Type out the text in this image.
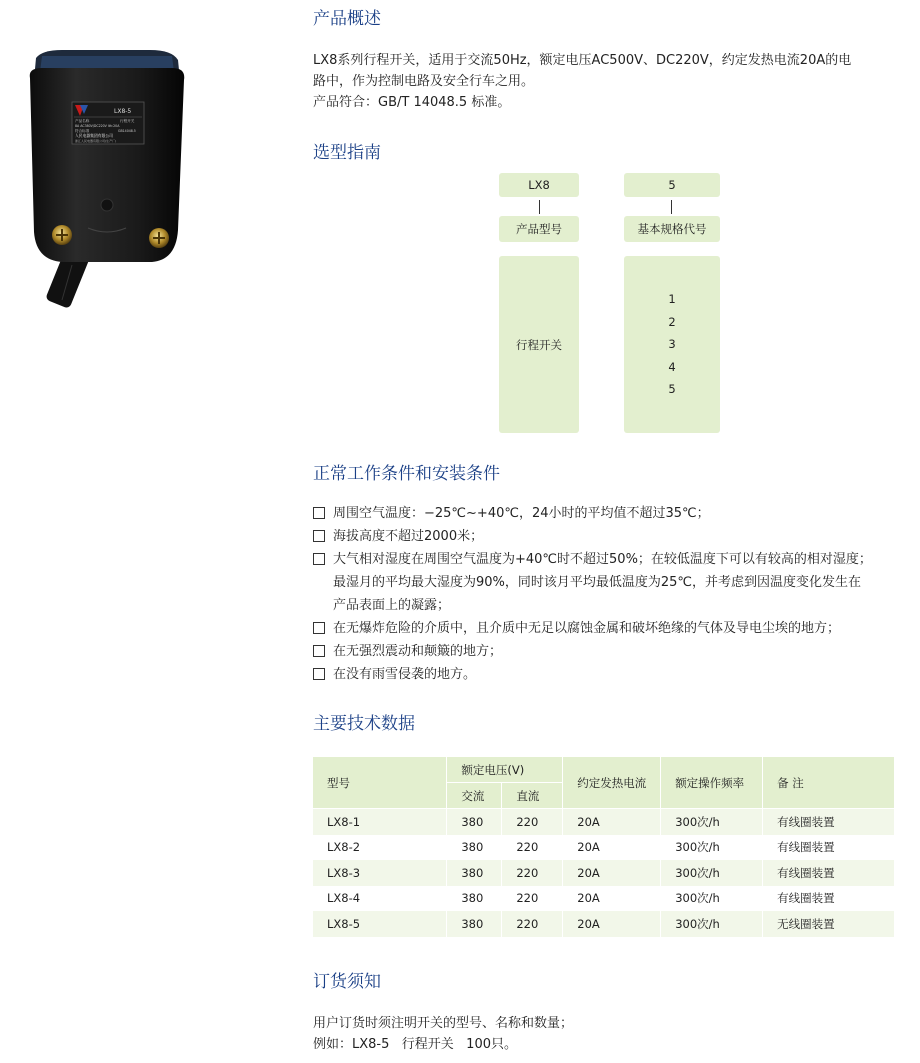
LX8-5
产品名称	行程开关
8A AC380V/DC220V Ith:20A
符合标准	GB14048.5
人民电器集团有限公司
浙江人民电器有限公司(生产厂)
产品概述
LX8系列行程开关，适用于交流50Hz，额定电压AC500V、DC220V，约定发热电流20A的电
路中，作为控制电路及安全行车之用。
产品符合：GB/T 14048.5 标准。
选型指南
LX8	5
产品型号	基本规格代号
行程开关
1
2
3
4
5
正常工作条件和安装条件
周围空气温度：−25℃~+40℃，24小时的平均值不超过35℃；
海拔高度不超过2000米；
大气相对湿度在周围空气温度为+40℃时不超过50%；在较低温度下可以有较高的相对湿度；
最湿月的平均最大湿度为90%，同时该月平均最低温度为25℃，并考虑到因温度变化发生在
产品表面上的凝露；
在无爆炸危险的介质中，且介质中无足以腐蚀金属和破坏绝缘的气体及导电尘埃的地方；
在无强烈震动和颠簸的地方；
在没有雨雪侵袭的地方。
主要技术数据
型号	额定电压(V)		约定发热电流	额定操作频率	备 注
	交流	直流			
LX8-1	380	220	20A	300次/h	有线圈装置
LX8-2	380	220	20A	300次/h	有线圈装置
LX8-3	380	220	20A	300次/h	有线圈装置
LX8-4	380	220	20A	300次/h	有线圈装置
LX8-5	380	220	20A	300次/h	无线圈装置
订货须知
用户订货时须注明开关的型号、名称和数量；
例如：LX8-5   行程开关   100只。
